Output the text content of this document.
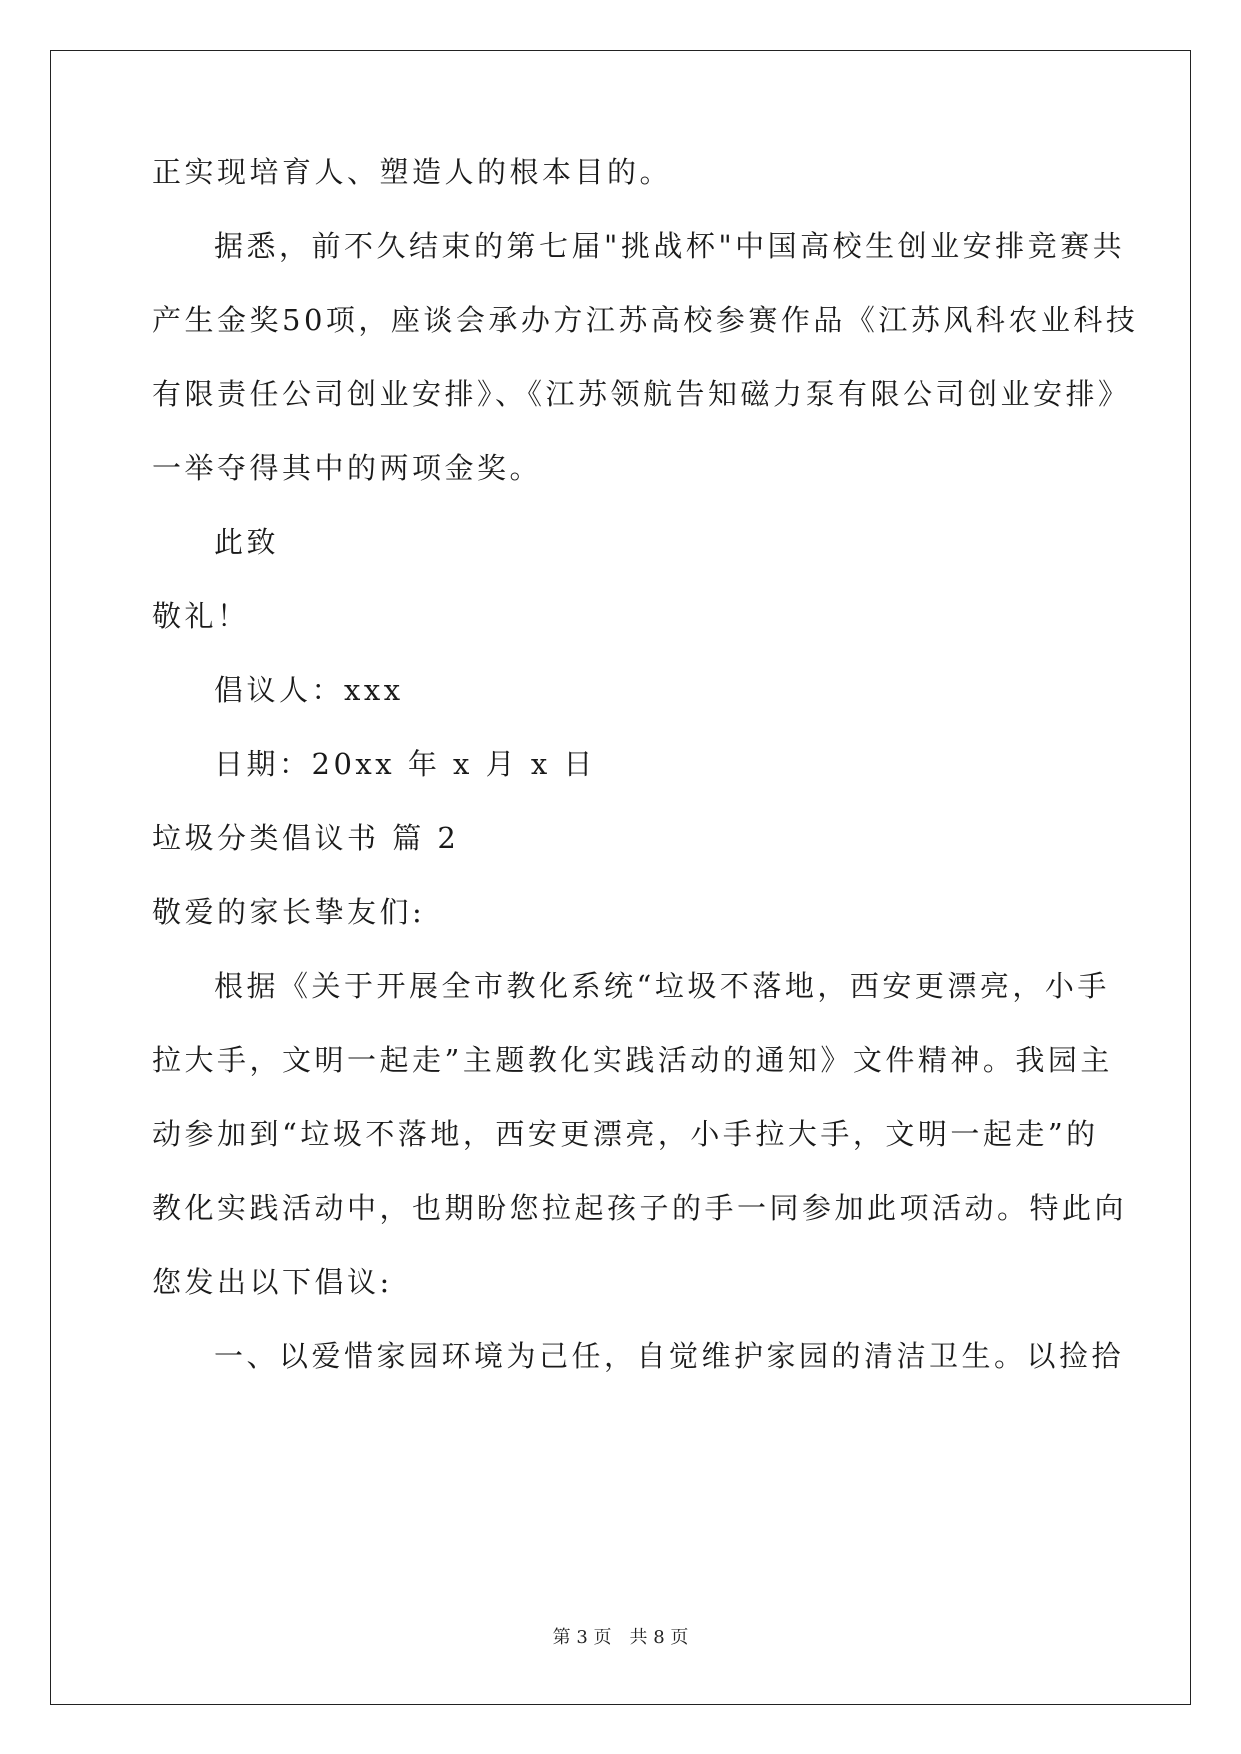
正实现培育人、塑造人的根本目的。
据悉，前不久结束的第七届"挑战杯"中国高校生创业安排竞赛共
产生金奖50项，座谈会承办方江苏高校参赛作品《江苏风科农业科技
有限责任公司创业安排》、《江苏领航告知磁力泵有限公司创业安排》
一举夺得其中的两项金奖。
此致
敬礼！
倡议人：xxx
日期：20xx 年 x 月 x 日
垃圾分类倡议书 篇 2
敬爱的家长挚友们:
根据《关于开展全市教化系统“垃圾不落地，西安更漂亮，小手
拉大手，文明一起走”主题教化实践活动的通知》文件精神。我园主
动参加到“垃圾不落地，西安更漂亮，小手拉大手，文明一起走”的
教化实践活动中，也期盼您拉起孩子的手一同参加此项活动。特此向
您发出以下倡议:
一、以爱惜家园环境为己任，自觉维护家园的清洁卫生。以捡拾
第 3 页 共 8 页
